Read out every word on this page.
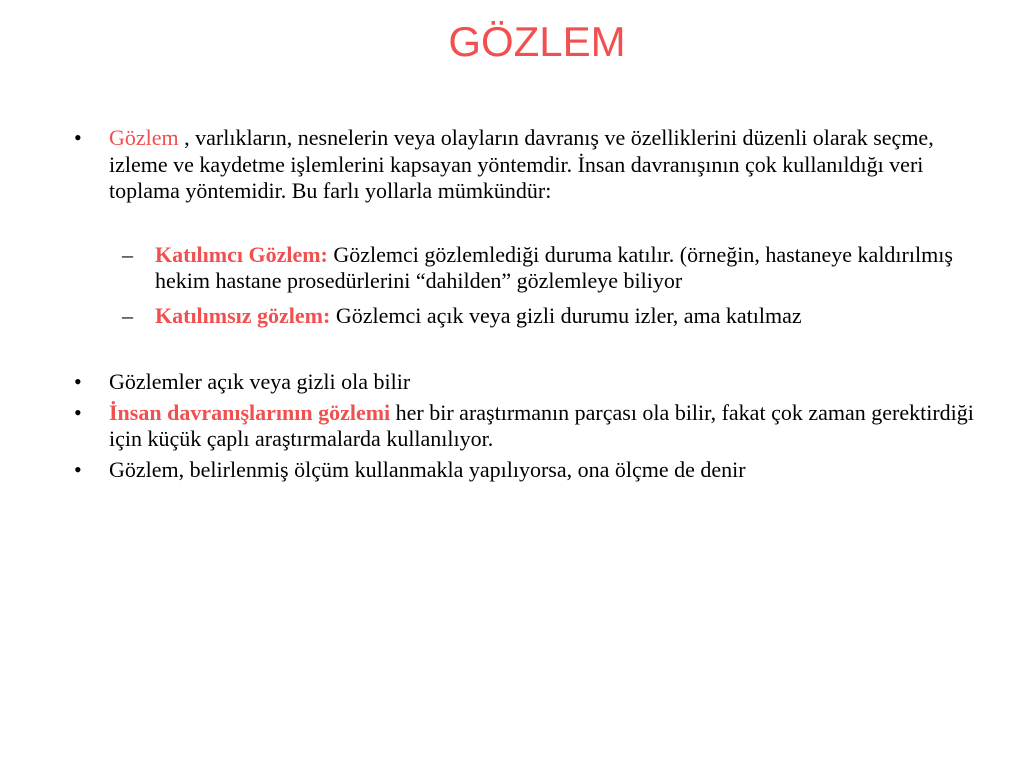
GÖZLEM
• Gözlem , varlıkların, nesnelerin veya olayların davranış ve özelliklerini düzenli olarak seçme, izleme ve kaydetme işlemlerini kapsayan yöntemdir. İnsan davranışının çok kullanıldığı veri toplama yöntemidir. Bu farlı yollarla mümkündür:
– Katılımcı Gözlem: Gözlemci gözlemlediği duruma katılır. (örneğin, hastaneye kaldırılmış hekim hastane prosedürlerini “dahilden” gözlemleye biliyor
– Katılımsız gözlem: Gözlemci açık veya gizli durumu izler, ama katılmaz
• Gözlemler açık veya gizli ola bilir
• İnsan davranışlarının gözlemi her bir araştırmanın parçası ola bilir, fakat çok zaman gerektirdiği için küçük çaplı araştırmalarda kullanılıyor.
• Gözlem, belirlenmiş ölçüm kullanmakla yapılıyorsa, ona ölçme de denir
